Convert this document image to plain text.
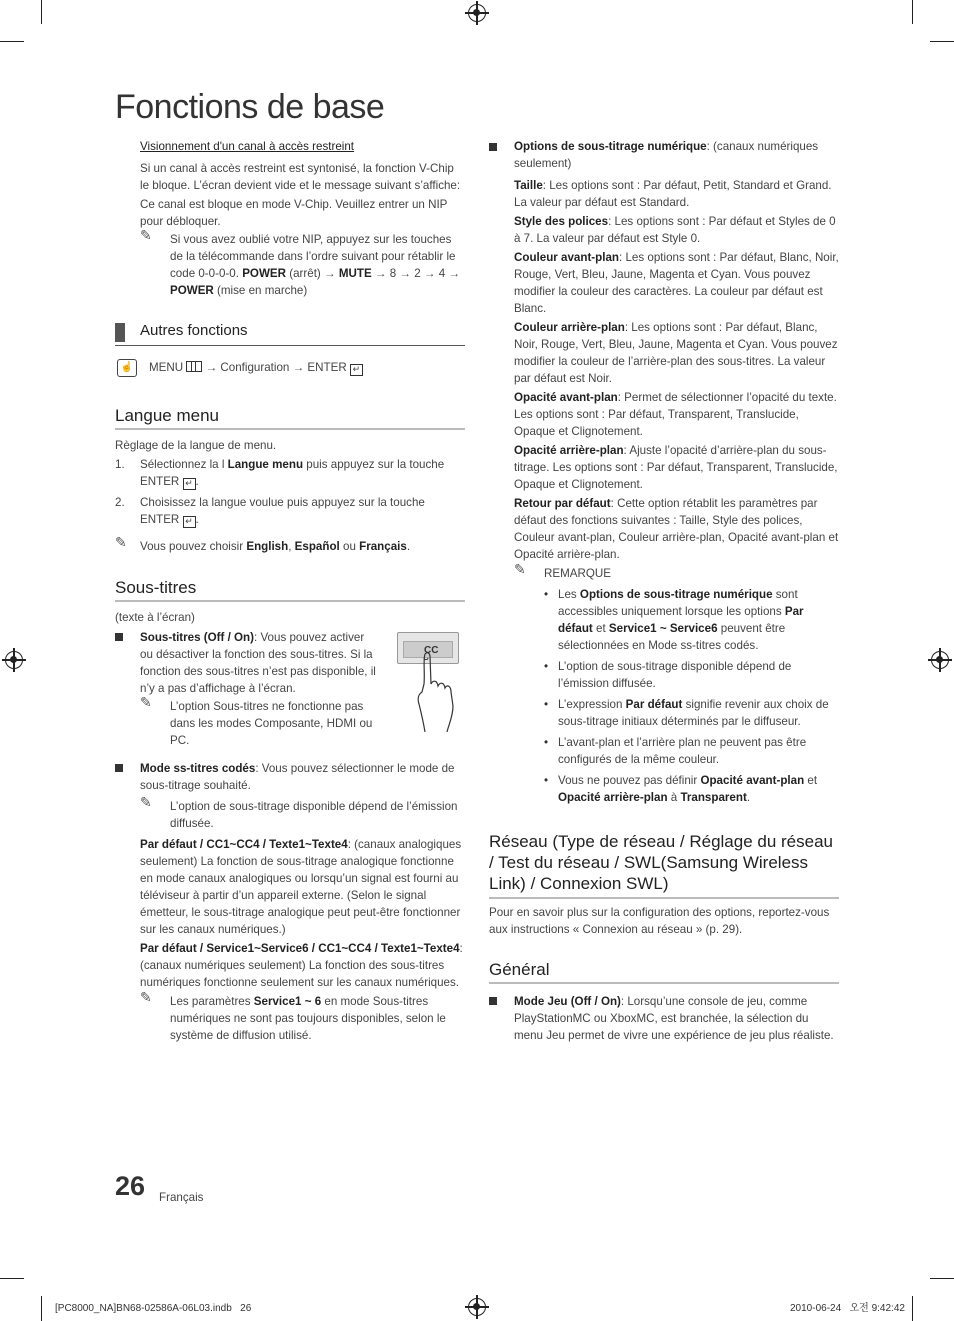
Fonctions de base

Visionnement d'un canal à accès restreint

Si un canal à accès restreint est syntonisé, la fonction V-Chip le bloque. L’écran devient vide et le message suivant s’affiche:

Ce canal est bloque en mode V-Chip. Veuillez entrer un NIP pour débloquer.

✎ Si vous avez oublié votre NIP, appuyez sur les touches de la télécommande dans l’ordre suivant pour rétablir le code 0-0-0-0. POWER (arrêt) → MUTE → 8 → 2 → 4 → POWER (mise en marche)
Autres fonctions
☝	MENU
→ Configuration → ENTER ↵
Langue menu

Règlage de la langue de menu.

1. Sélectionnez la l Langue menu puis appuyez sur la touche
ENTER ↵ .
2. Choisissez la langue voulue puis appuyez sur la touche
ENTER ↵ .
✎ Vous pouvez choisir English, Español ou Français.
Sous-titres

(texte à l’écran)

Sous-titres (Off / On): Vous pouvez activer ou désactiver la fonction des sous-titres. Si la fonction des sous-titres n’est pas disponible, il n’y a pas d’affichage à l’écran.
✎ L’option Sous-titres ne fonctionne pas dans les modes Composante, HDMI ou PC.
CC
Mode ss-titres codés: Vous pouvez sélectionner le mode de sous-titrage souhaité.
✎ L’option de sous-titrage disponible dépend de l’émission diffusée.

Par défaut / CC1~CC4 / Texte1~Texte4: (canaux analogiques seulement) La fonction de sous-titrage analogique fonctionne en mode canaux analogiques ou lorsqu’un signal est fourni au téléviseur à partir d’un appareil externe. (Selon le signal émetteur, le sous-titrage analogique peut peut-être fonctionner sur les canaux numériques.)

Par défaut / Service1~Service6 / CC1~CC4 / Texte1~Texte4: (canaux numériques seulement) La fonction des sous-titres numériques fonctionne seulement sur les canaux numériques.

✎ Les paramètres Service1 ~ 6 en mode Sous-titres numériques ne sont pas toujours disponibles, selon le système de diffusion utilisé.

Options de sous-titrage numérique: (canaux numériques seulement)

Taille: Les options sont : Par défaut, Petit, Standard et Grand. La valeur par défaut est Standard.

Style des polices: Les options sont : Par défaut et Styles de 0 à 7. La valeur par défaut est Style 0.

Couleur avant-plan: Les options sont : Par défaut, Blanc, Noir, Rouge, Vert, Bleu, Jaune, Magenta et Cyan. Vous pouvez modifier la couleur des caractères. La couleur par défaut est Blanc.

Couleur arrière-plan: Les options sont : Par défaut, Blanc, Noir, Rouge, Vert, Bleu, Jaune, Magenta et Cyan. Vous pouvez modifier la couleur de l’arrière-plan des sous-titres. La valeur par défaut est Noir.

Opacité avant-plan: Permet de sélectionner l’opacité du texte. Les options sont : Par défaut, Transparent, Translucide, Opaque et Clignotement.

Opacité arrière-plan: Ajuste l’opacité d’arrière-plan du sous-titrage. Les options sont : Par défaut, Transparent, Translucide, Opaque et Clignotement.

Retour par défaut: Cette option rétablit les paramètres par défaut des fonctions suivantes : Taille, Style des polices, Couleur avant-plan, Couleur arrière-plan, Opacité avant-plan et Opacité arrière-plan.

✎ REMARQUE
• Les Options de sous-titrage numérique sont accessibles uniquement lorsque les options Par défaut et Service1 ~ Service6 peuvent être sélectionnées en Mode ss-titres codés.
• L’option de sous-titrage disponible dépend de l’émission diffusée.
• L’expression Par défaut signifie revenir aux choix de sous-titrage initiaux déterminés par le diffuseur.
• L’avant-plan et l’arrière plan ne peuvent pas être configurés de la même couleur.
• Vous ne pouvez pas définir Opacité avant-plan et Opacité arrière-plan à Transparent.
Réseau (Type de réseau / Réglage du réseau / Test du réseau / SWL(Samsung Wireless Link) / Connexion SWL)

Pour en savoir plus sur la configuration des options, reportez-vous aux instructions « Connexion au réseau » (p. 29).

Général
Mode Jeu (Off / On): Lorsqu’une console de jeu, comme PlayStationMC ou XboxMC, est branchée, la sélection du menu Jeu permet de vivre une expérience de jeu plus réaliste.
26 Français
[PC8000_NA]BN68-02586A-06L03.indb   26	2010-06-24   오전 9:42:42
